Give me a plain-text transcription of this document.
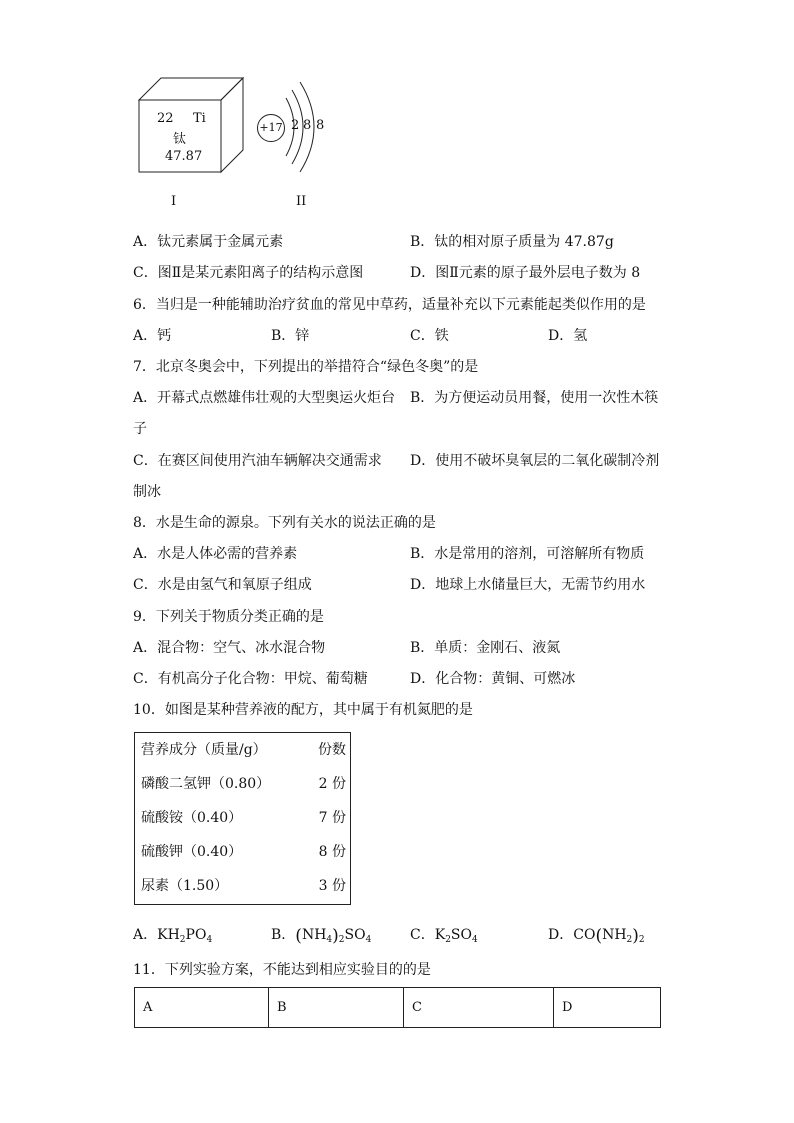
22 Ti
钛
47.87
+17 2 8 8
I	II
A．钛元素属于金属元素	B．钛的相对原子质量为 47.87g
C．图Ⅱ是某元素阳离子的结构示意图	D．图Ⅱ元素的原子最外层电子数为 8
6．当归是一种能辅助治疗贫血的常见中草药，适量补充以下元素能起类似作用的是
A．钙	B．锌	C．铁	D．氢
7．北京冬奥会中，下列提出的举措符合“绿色冬奥”的是
A．开幕式点燃雄伟壮观的大型奥运火炬台 B．为方便运动员用餐，使用一次性木筷
子
C．在赛区间使用汽油车辆解决交通需求 D．使用不破坏臭氧层的二氧化碳制冷剂
制冰
8．水是生命的源泉。下列有关水的说法正确的是
A．水是人体必需的营养素	B．水是常用的溶剂，可溶解所有物质
C．水是由氢气和氧原子组成	D．地球上水储量巨大，无需节约用水
9．下列关于物质分类正确的是
A．混合物：空气、冰水混合物	B．单质：金刚石、液氮
C．有机高分子化合物：甲烷、葡萄糖	D．化合物：黄铜、可燃冰
10．如图是某种营养液的配方，其中属于有机氮肥的是
营养成分（质量/g）	份数
磷酸二氢钾（0.80）	2 份
硫酸铵（0.40）	7 份
硫酸钾（0.40）	8 份
尿素（1.50）	3 份
A．$KH_2PO_4$	B．$(NH_4)_2SO_4$	C．$K_2SO_4$	D．$CO(NH_2)_2$
11．下列实验方案，不能达到相应实验目的的是
A	B	C	D
